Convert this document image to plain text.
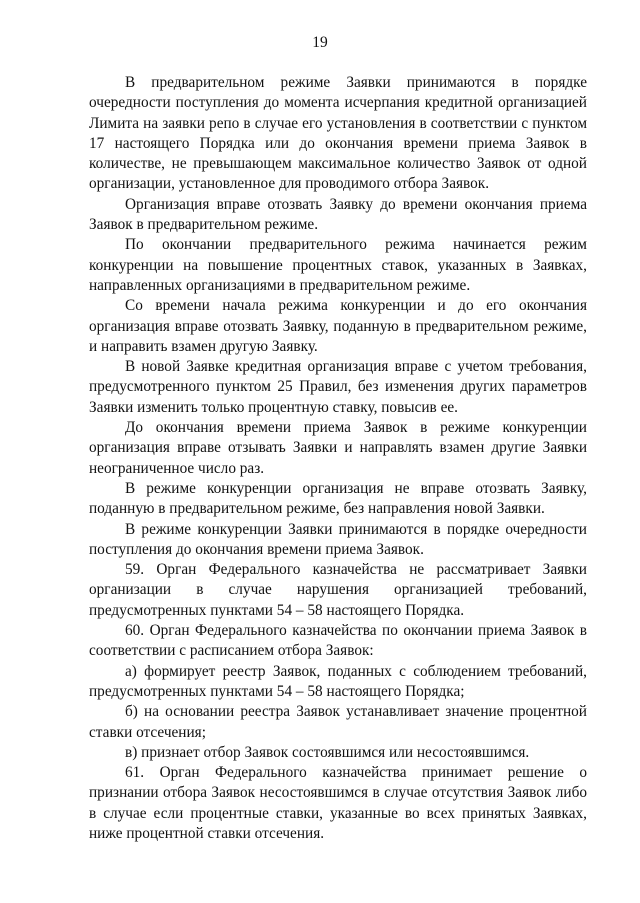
19

В предварительном режиме Заявки принимаются в порядке очередности поступления до момента исчерпания кредитной организацией Лимита на заявки репо в случае его установления в соответствии с пунктом 17 настоящего Порядка или до окончания времени приема Заявок в количестве, не превышающем максимальное количество Заявок от одной организации, установленное для проводимого отбора Заявок.

Организация вправе отозвать Заявку до времени окончания приема Заявок в предварительном режиме.

По окончании предварительного режима начинается режим конкуренции на повышение процентных ставок, указанных в Заявках, направленных организациями в предварительном режиме.

Со времени начала режима конкуренции и до его окончания организация вправе отозвать Заявку, поданную в предварительном режиме, и направить взамен другую Заявку.

В новой Заявке кредитная организация вправе с учетом требования, предусмотренного пунктом 25 Правил, без изменения других параметров Заявки изменить только процентную ставку, повысив ее.

До окончания времени приема Заявок в режиме конкуренции организация вправе отзывать Заявки и направлять взамен другие Заявки неограниченное число раз.

В режиме конкуренции организация не вправе отозвать Заявку, поданную в предварительном режиме, без направления новой Заявки.

В режиме конкуренции Заявки принимаются в порядке очередности поступления до окончания времени приема Заявок.

59. Орган Федерального казначейства не рассматривает Заявки организации в случае нарушения организацией требований, предусмотренных пунктами 54 – 58 настоящего Порядка.

60. Орган Федерального казначейства по окончании приема Заявок в соответствии с расписанием отбора Заявок:

а) формирует реестр Заявок, поданных с соблюдением требований, предусмотренных пунктами 54 – 58 настоящего Порядка;

б) на основании реестра Заявок устанавливает значение процентной ставки отсечения;

в) признает отбор Заявок состоявшимся или несостоявшимся.

61. Орган Федерального казначейства принимает решение о признании отбора Заявок несостоявшимся в случае отсутствия Заявок либо в случае если процентные ставки, указанные во всех принятых Заявках, ниже процентной ставки отсечения.
